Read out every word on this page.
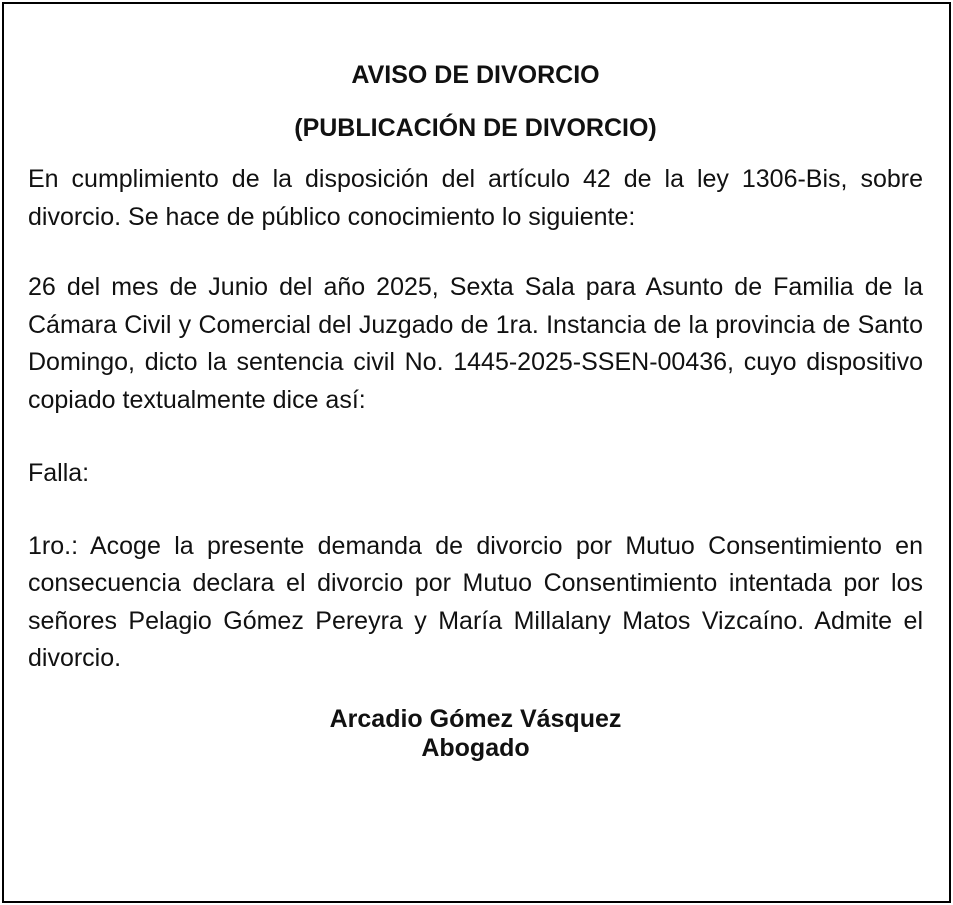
AVISO DE DIVORCIO

(PUBLICACIÓN DE DIVORCIO)

En cumplimiento de la disposición del artículo 42 de la ley 1306-Bis, sobre divorcio. Se hace de público conocimiento lo siguiente:

26 del mes de Junio del año 2025, Sexta Sala para Asunto de Familia de la Cámara Civil y Comercial del Juzgado de 1ra. Instancia de la provincia de Santo Domingo, dicto la sentencia civil No. 1445-2025-SSEN-00436, cuyo dispositivo copiado textualmente dice así:

Falla:

1ro.: Acoge la presente demanda de divorcio por Mutuo Consentimiento en consecuencia declara el divorcio por Mutuo Consentimiento intentada por los señores Pelagio Gómez Pereyra y María Millalany Matos Vizcaíno. Admite el divorcio.

Arcadio Gómez Vásquez

Abogado
